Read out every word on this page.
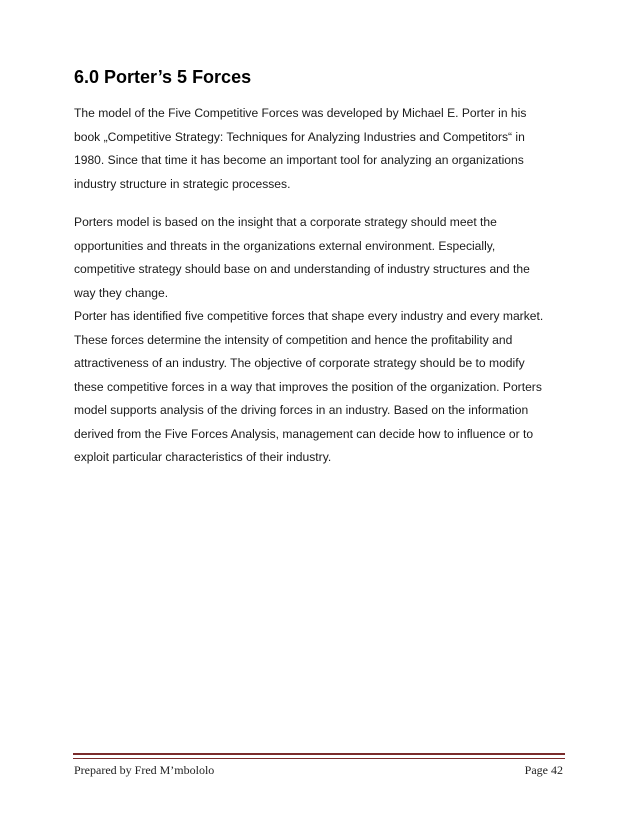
6.0 Porter’s 5 Forces
The model of the Five Competitive Forces was developed by Michael E. Porter in his
book „Competitive Strategy: Techniques for Analyzing Industries and Competitors“ in
1980. Since that time it has become an important tool for analyzing an organizations
industry structure in strategic processes.
Porters model is based on the insight that a corporate strategy should meet the
opportunities and threats in the organizations external environment. Especially,
competitive strategy should base on and understanding of industry structures and the
way they change.
Porter has identified five competitive forces that shape every industry and every market.
These forces determine the intensity of competition and hence the profitability and
attractiveness of an industry. The objective of corporate strategy should be to modify
these competitive forces in a way that improves the position of the organization. Porters
model supports analysis of the driving forces in an industry. Based on the information
derived from the Five Forces Analysis, management can decide how to influence or to
exploit particular characteristics of their industry.
Prepared by Fred M’mbololo	Page 42
